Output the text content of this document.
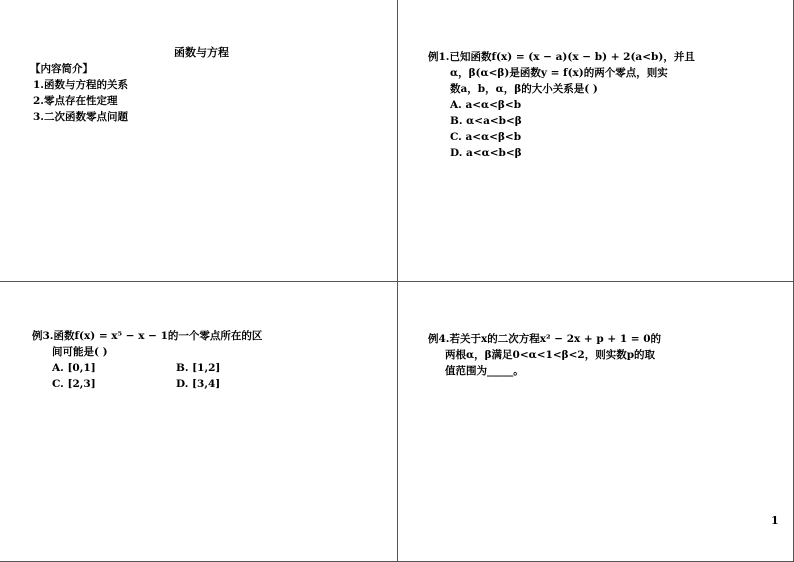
函数与方程
【内容简介】
1.函数与方程的关系
2.零点存在性定理
3.二次函数零点问题
例1.已知函数f(x) = (x − a)(x − b) + 2(a<b)，并且
α，β(α<β)是函数y = f(x)的两个零点，则实
数a，b，α，β的大小关系是( )
A. a<α<β<b
B. α<a<b<β
C. a<α<β<b
D. a<α<b<β
例3.函数f(x) = x⁵ − x − 1的一个零点所在的区
间可能是( )
A. [0,1]	B. [1,2]
C. [2,3]	D. [3,4]
例4.若关于x的二次方程x² − 2x + p + 1 = 0的
两根α，β满足0<α<1<β<2，则实数p的取
值范围为_____。
1
